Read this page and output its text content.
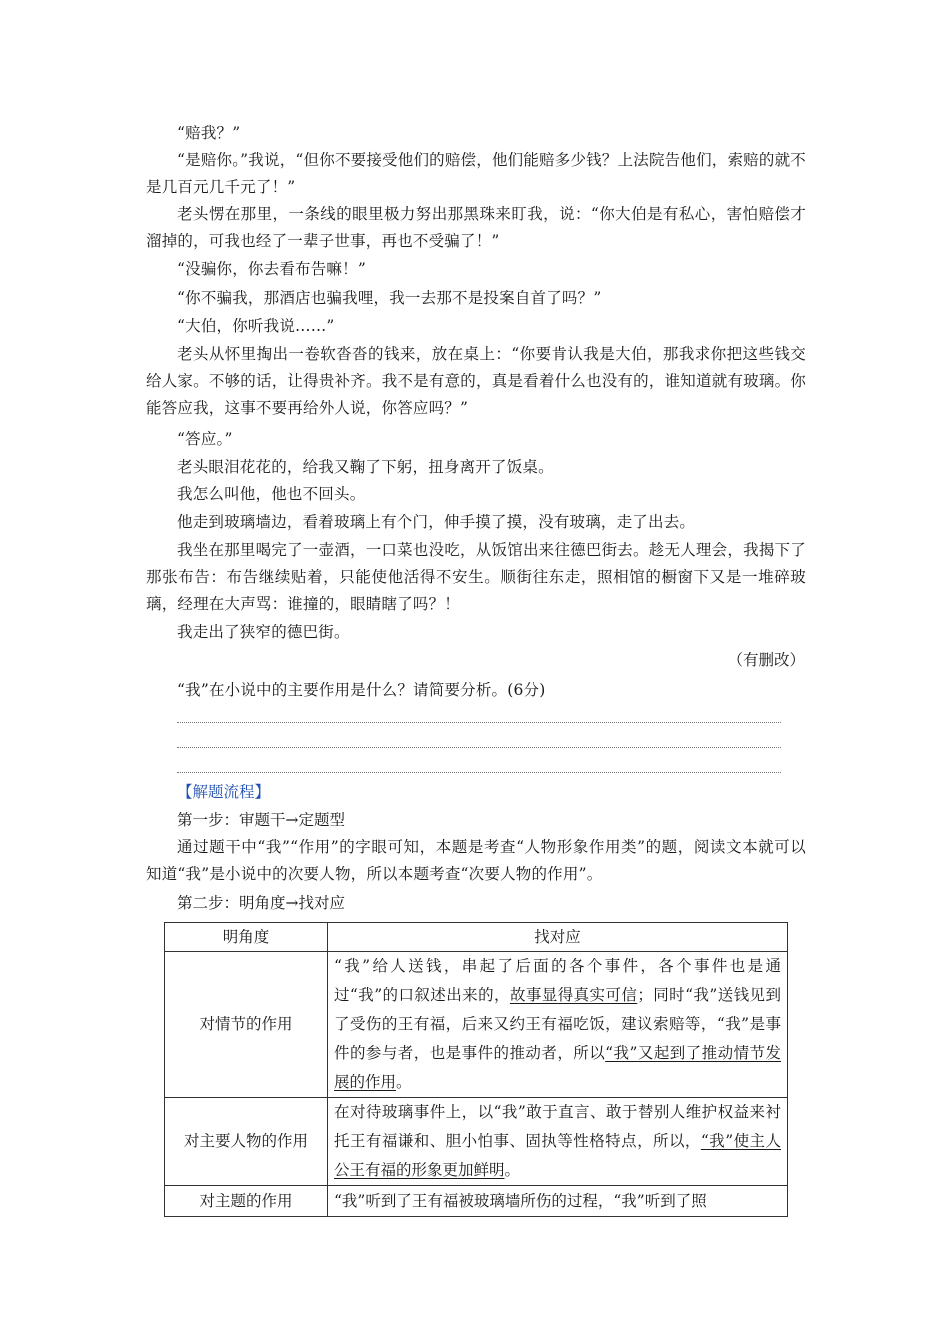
“赔我？”

“是赔你。”我说，“但你不要接受他们的赔偿，他们能赔多少钱？上法院告他们，索赔的就不是几百元几千元了！”

老头愣在那里，一条线的眼里极力努出那黑珠来盯我，说：“你大伯是有私心，害怕赔偿才溜掉的，可我也经了一辈子世事，再也不受骗了！”

“没骗你，你去看布告嘛！”

“你不骗我，那酒店也骗我哩，我一去那不是投案自首了吗？”

“大伯，你听我说……”

老头从怀里掏出一卷软沓沓的钱来，放在桌上：“你要肯认我是大伯，那我求你把这些钱交给人家。不够的话，让得贵补齐。我不是有意的，真是看着什么也没有的，谁知道就有玻璃。你能答应我，这事不要再给外人说，你答应吗？”

“答应。”

老头眼泪花花的，给我又鞠了下躬，扭身离开了饭桌。

我怎么叫他，他也不回头。

他走到玻璃墙边，看着玻璃上有个门，伸手摸了摸，没有玻璃，走了出去。

我坐在那里喝完了一壶酒，一口菜也没吃，从饭馆出来往德巴街去。趁无人理会，我揭下了那张布告：布告继续贴着，只能使他活得不安生。顺街往东走，照相馆的橱窗下又是一堆碎玻璃，经理在大声骂：谁撞的，眼睛瞎了吗？！

我走出了狭窄的德巴街。

（有删改）

“我”在小说中的主要作用是什么？请简要分析。(6分)

【解题流程】
第一步：审题干→定题型

通过题干中“我”“作用”的字眼可知，本题是考查“人物形象作用类”的题，阅读文本就可以知道“我”是小说中的次要人物，所以本题考查“次要人物的作用”。

第二步：明角度→找对应
明角度	找对应
对情节的作用	“我”给人送钱，串起了后面的各个事件，各个事件也是通过“我”的口叙述出来的，故事显得真实可信；同时“我”送钱见到了受伤的王有福，后来又约王有福吃饭，建议索赔等，“我”是事件的参与者，也是事件的推动者，所以“我”又起到了推动情节发展的作用。
对主要人物的作用	在对待玻璃事件上，以“我”敢于直言、敢于替别人维护权益来衬托王有福谦和、胆小怕事、固执等性格特点，所以，“我”使主人公王有福的形象更加鲜明。
对主题的作用	“我”听到了王有福被玻璃墙所伤的过程，“我”听到了照
